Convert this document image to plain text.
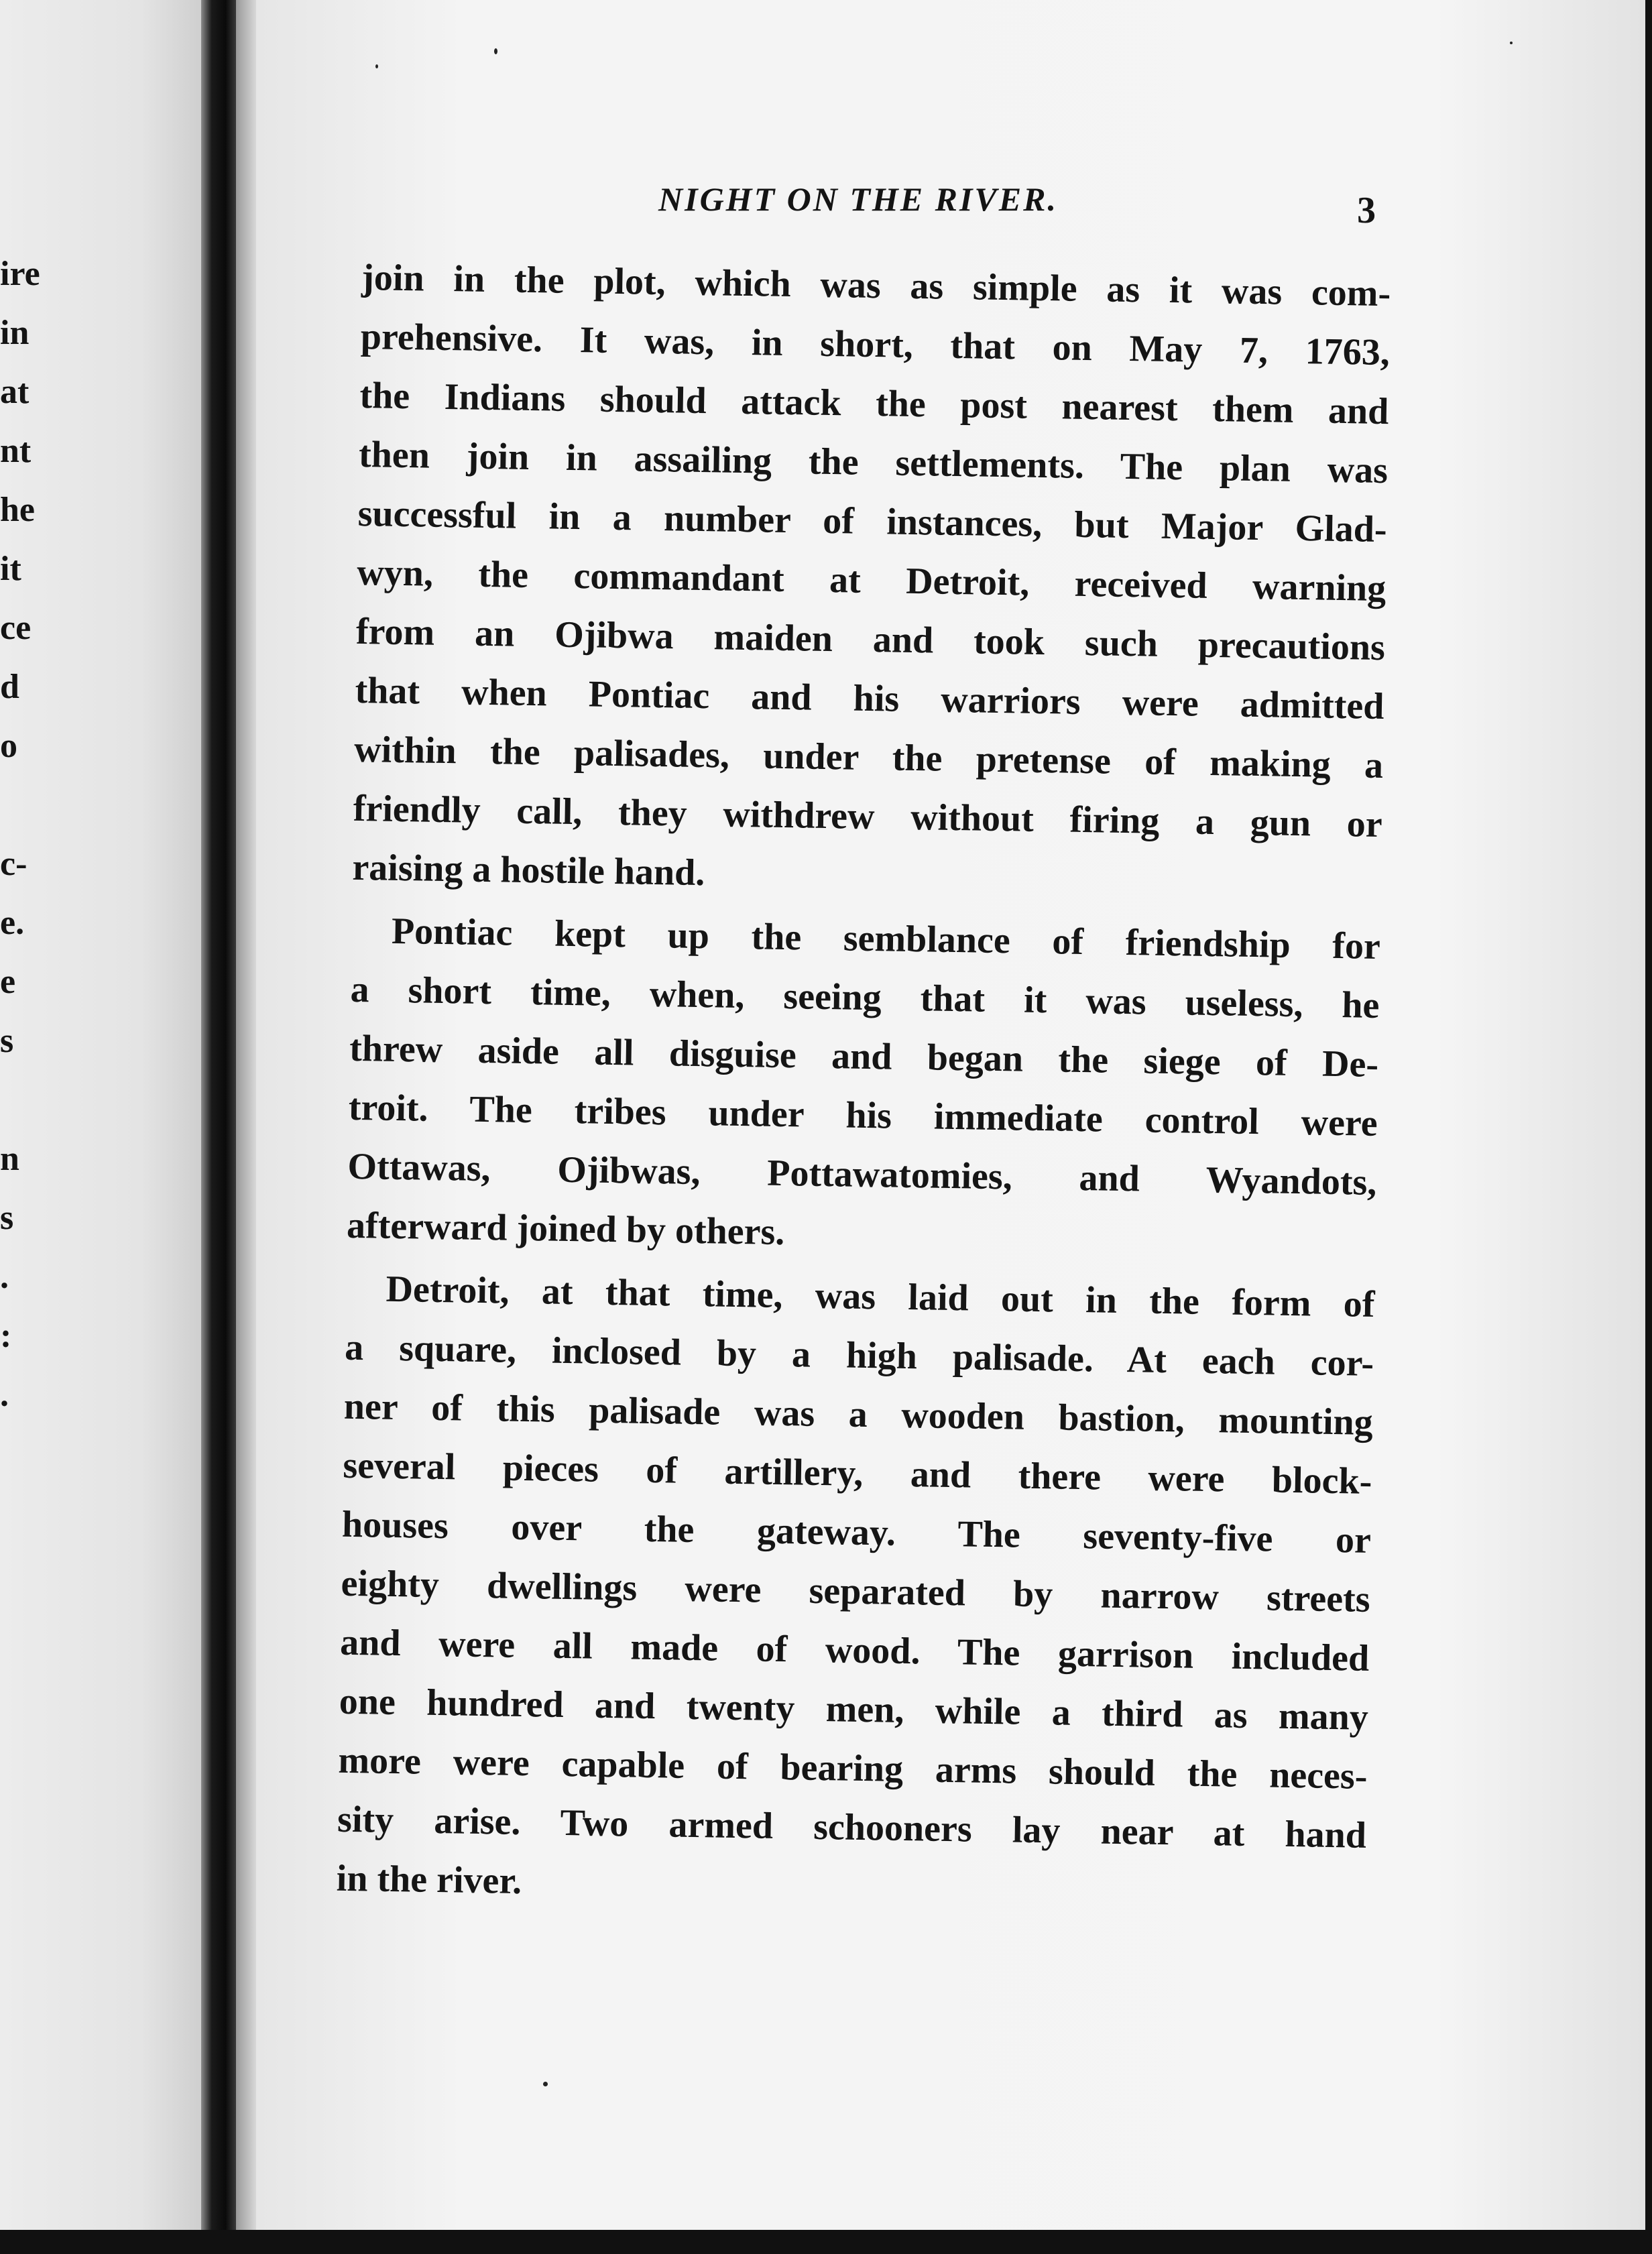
ire
in
at
nt
he
it
ce
d
o
c-
e.
e
s
n
s
.
:
.
NIGHT ON THE RIVER.	3
join in the plot, which was as simple as it was com-
prehensive. It was, in short, that on May 7, 1763,
the Indians should attack the post nearest them and
then join in assailing the settlements. The plan was
successful in a number of instances, but Major Glad-
wyn, the commandant at Detroit, received warning
from an Ojibwa maiden and took such precautions
that when Pontiac and his warriors were admitted
within the palisades, under the pretense of making a
friendly call, they withdrew without firing a gun or
raising a hostile hand.
Pontiac kept up the semblance of friendship for
a short time, when, seeing that it was useless, he
threw aside all disguise and began the siege of De-
troit. The tribes under his immediate control were
Ottawas, Ojibwas, Pottawatomies, and Wyandots,
afterward joined by others.
Detroit, at that time, was laid out in the form of
a square, inclosed by a high palisade. At each cor-
ner of this palisade was a wooden bastion, mounting
several pieces of artillery, and there were block-
houses over the gateway. The seventy-five or
eighty dwellings were separated by narrow streets
and were all made of wood. The garrison included
one hundred and twenty men, while a third as many
more were capable of bearing arms should the neces-
sity arise. Two armed schooners lay near at hand
in the river.
